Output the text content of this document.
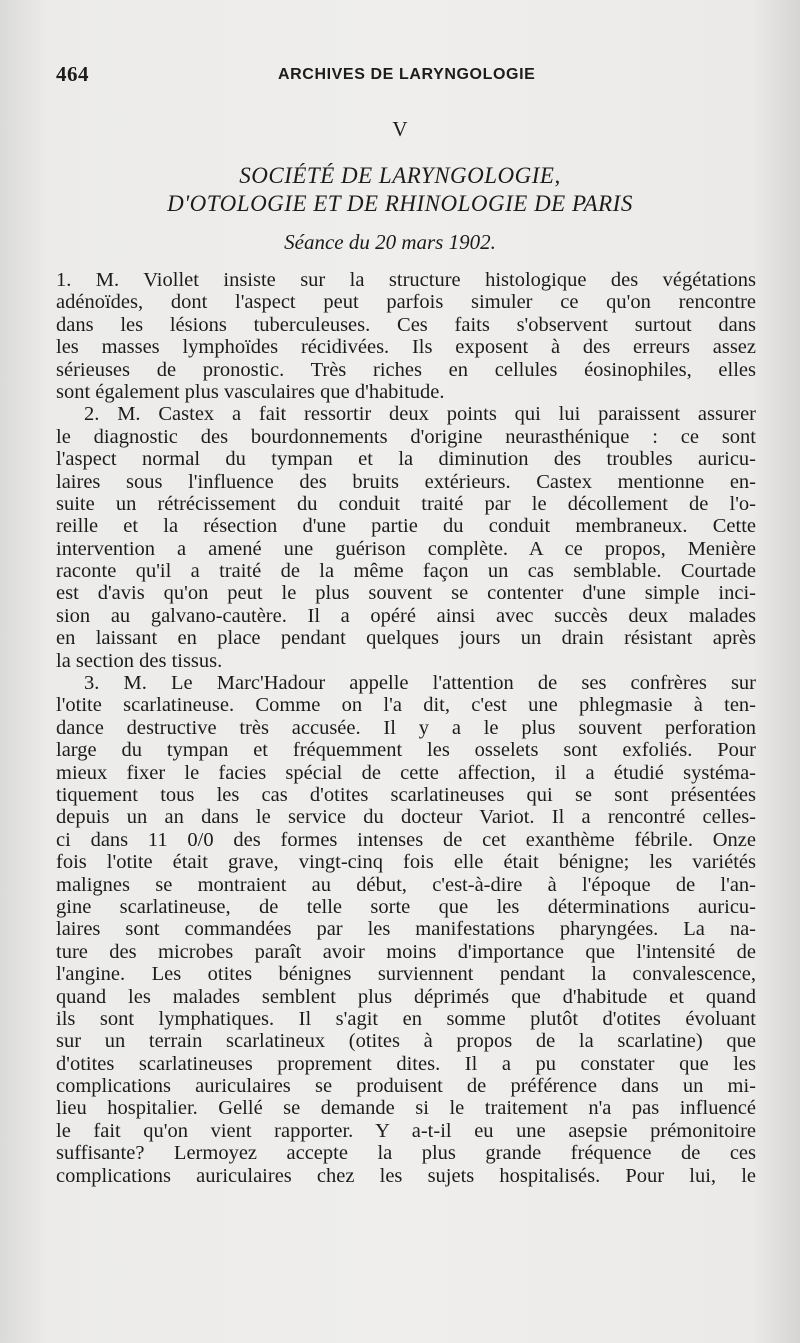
464	ARCHIVES DE LARYNGOLOGIE
V
SOCIÉTÉ DE LARYNGOLOGIE,
D'OTOLOGIE ET DE RHINOLOGIE DE PARIS
Séance du 20 mars 1902.
1. M. Viollet insiste sur la structure histologique des végétations
adénoïdes, dont l'aspect peut parfois simuler ce qu'on rencontre
dans les lésions tuberculeuses. Ces faits s'observent surtout dans
les masses lymphoïdes récidivées. Ils exposent à des erreurs assez
sérieuses de pronostic. Très riches en cellules éosinophiles, elles
sont également plus vasculaires que d'habitude.
2. M. Castex a fait ressortir deux points qui lui paraissent assurer
le diagnostic des bourdonnements d'origine neurasthénique : ce sont
l'aspect normal du tympan et la diminution des troubles auricu-
laires sous l'influence des bruits extérieurs. Castex mentionne en-
suite un rétrécissement du conduit traité par le décollement de l'o-
reille et la résection d'une partie du conduit membraneux. Cette
intervention a amené une guérison complète. A ce propos, Menière
raconte qu'il a traité de la même façon un cas semblable. Courtade
est d'avis qu'on peut le plus souvent se contenter d'une simple inci-
sion au galvano-cautère. Il a opéré ainsi avec succès deux malades
en laissant en place pendant quelques jours un drain résistant après
la section des tissus.
3. M. Le Marc'Hadour appelle l'attention de ses confrères sur
l'otite scarlatineuse. Comme on l'a dit, c'est une phlegmasie à ten-
dance destructive très accusée. Il y a le plus souvent perforation
large du tympan et fréquemment les osselets sont exfoliés. Pour
mieux fixer le facies spécial de cette affection, il a étudié systéma-
tiquement tous les cas d'otites scarlatineuses qui se sont présentées
depuis un an dans le service du docteur Variot. Il a rencontré celles-
ci dans 11 0/0 des formes intenses de cet exanthème fébrile. Onze
fois l'otite était grave, vingt-cinq fois elle était bénigne; les variétés
malignes se montraient au début, c'est-à-dire à l'époque de l'an-
gine scarlatineuse, de telle sorte que les déterminations auricu-
laires sont commandées par les manifestations pharyngées. La na-
ture des microbes paraît avoir moins d'importance que l'intensité de
l'angine. Les otites bénignes surviennent pendant la convalescence,
quand les malades semblent plus déprimés que d'habitude et quand
ils sont lymphatiques. Il s'agit en somme plutôt d'otites évoluant
sur un terrain scarlatineux (otites à propos de la scarlatine) que
d'otites scarlatineuses proprement dites. Il a pu constater que les
complications auriculaires se produisent de préférence dans un mi-
lieu hospitalier. Gellé se demande si le traitement n'a pas influencé
le fait qu'on vient rapporter. Y a-t-il eu une asepsie prémonitoire
suffisante? Lermoyez accepte la plus grande fréquence de ces
complications auriculaires chez les sujets hospitalisés. Pour lui, le
